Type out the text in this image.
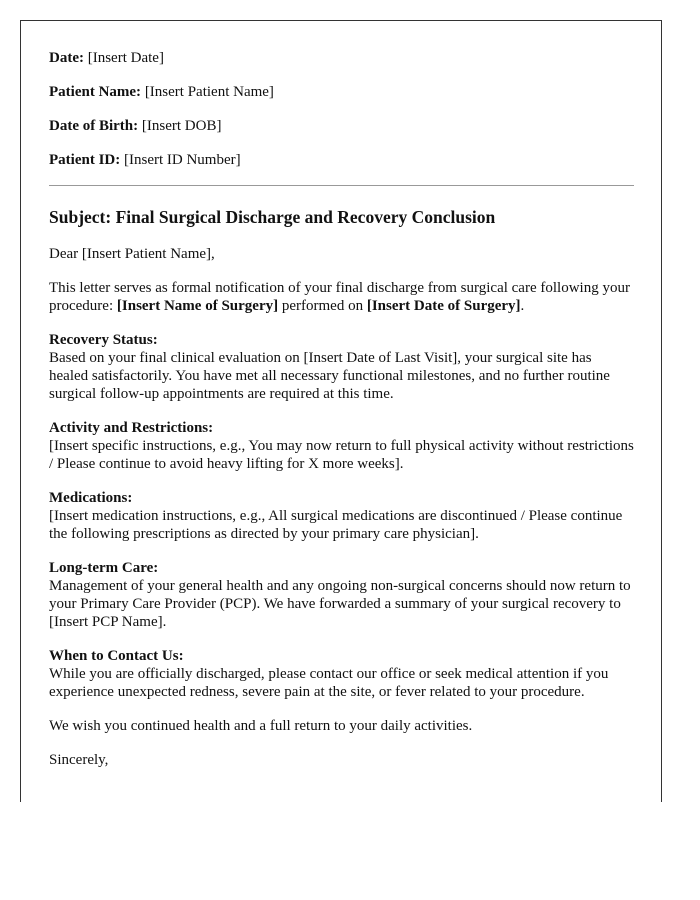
Date: [Insert Date]

Patient Name: [Insert Patient Name]

Date of Birth: [Insert DOB]

Patient ID: [Insert ID Number]

Subject: Final Surgical Discharge and Recovery Conclusion

Dear [Insert Patient Name],

This letter serves as formal notification of your final discharge from surgical care following your procedure: [Insert Name of Surgery] performed on [Insert Date of Surgery].

Recovery Status:
Based on your final clinical evaluation on [Insert Date of Last Visit], your surgical site has healed satisfactorily. You have met all necessary functional milestones, and no further routine surgical follow-up appointments are required at this time.

Activity and Restrictions:
[Insert specific instructions, e.g., You may now return to full physical activity without restrictions / Please continue to avoid heavy lifting for X more weeks].

Medications:
[Insert medication instructions, e.g., All surgical medications are discontinued / Please continue the following prescriptions as directed by your primary care physician].

Long-term Care:
Management of your general health and any ongoing non-surgical concerns should now return to your Primary Care Provider (PCP). We have forwarded a summary of your surgical recovery to [Insert PCP Name].

When to Contact Us:
While you are officially discharged, please contact our office or seek medical attention if you experience unexpected redness, severe pain at the site, or fever related to your procedure.

We wish you continued health and a full return to your daily activities.

Sincerely,
